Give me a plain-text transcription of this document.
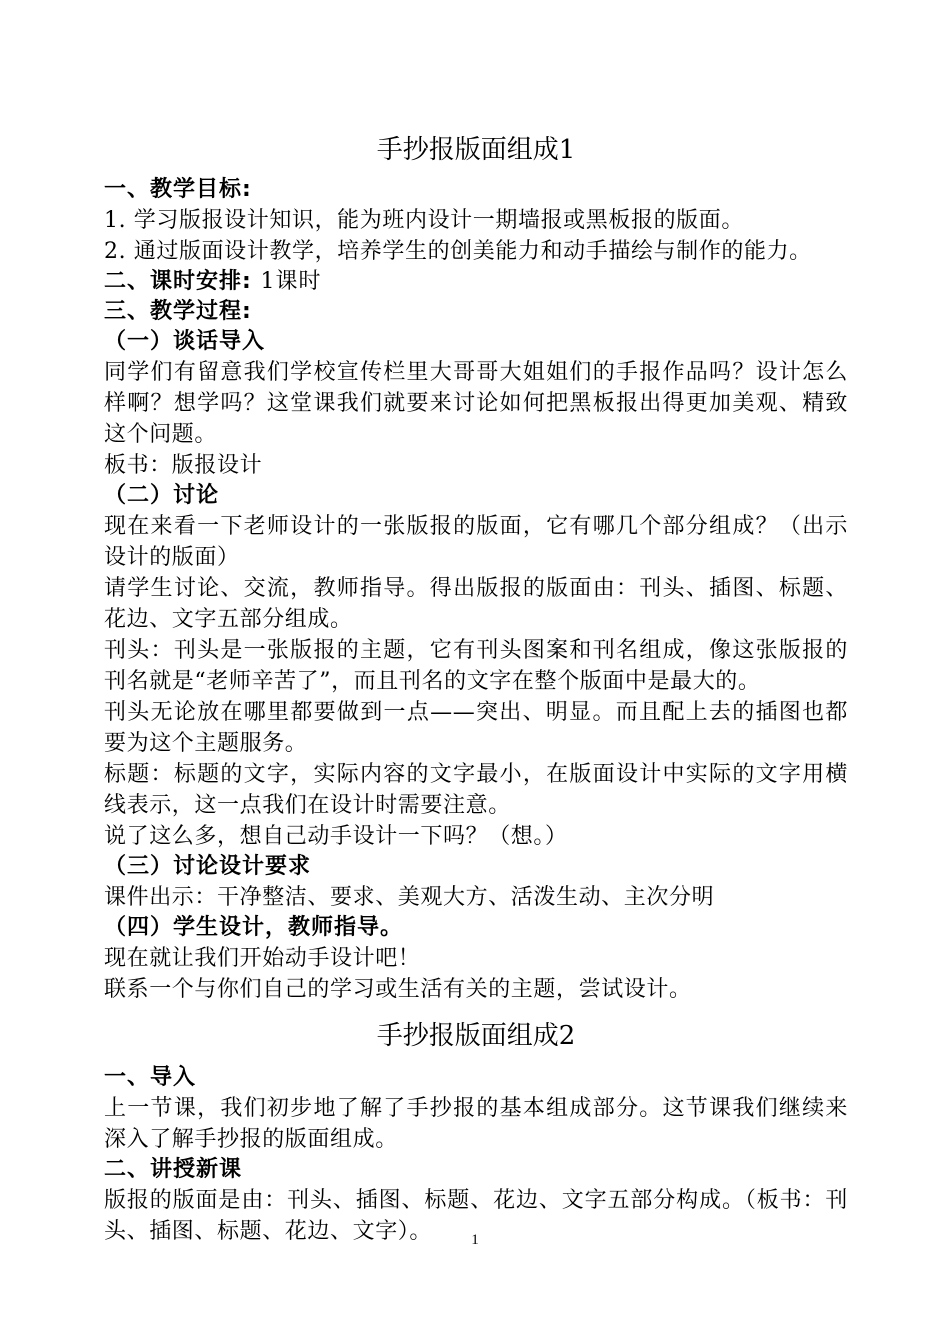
手抄报版面组成1

一、教学目标:

1. 学习版报设计知识，能为班内设计一期墙报或黑板报的版面。

2. 通过版面设计教学，培养学生的创美能力和动手描绘与制作的能力。

二、课时安排: 1课时

三、教学过程:

（一）谈话导入

同学们有留意我们学校宣传栏里大哥哥大姐姐们的手报作品吗？设计怎么样啊？想学吗？这堂课我们就要来讨论如何把黑板报出得更加美观、精致这个问题。

板书：版报设计

（二）讨论

现在来看一下老师设计的一张版报的版面，它有哪几个部分组成？（出示设计的版面）

请学生讨论、交流，教师指导。得出版报的版面由：刊头、插图、标题、花边、文字五部分组成。

刊头：刊头是一张版报的主题，它有刊头图案和刊名组成，像这张版报的刊名就是“老师辛苦了”，而且刊名的文字在整个版面中是最大的。

刊头无论放在哪里都要做到一点——突出、明显。而且配上去的插图也都要为这个主题服务。

标题：标题的文字，实际内容的文字最小，在版面设计中实际的文字用横线表示，这一点我们在设计时需要注意。

说了这么多，想自己动手设计一下吗？（想。）

（三）讨论设计要求

课件出示：干净整洁、要求、美观大方、活泼生动、主次分明

（四）学生设计，教师指导。

现在就让我们开始动手设计吧！

联系一个与你们自己的学习或生活有关的主题，尝试设计。

手抄报版面组成2

一、导入

上一节课，我们初步地了解了手抄报的基本组成部分。这节课我们继续来深入了解手抄报的版面组成。

二、讲授新课

版报的版面是由：刊头、插图、标题、花边、文字五部分构成。（板书：刊头、插图、标题、花边、文字）。	1
